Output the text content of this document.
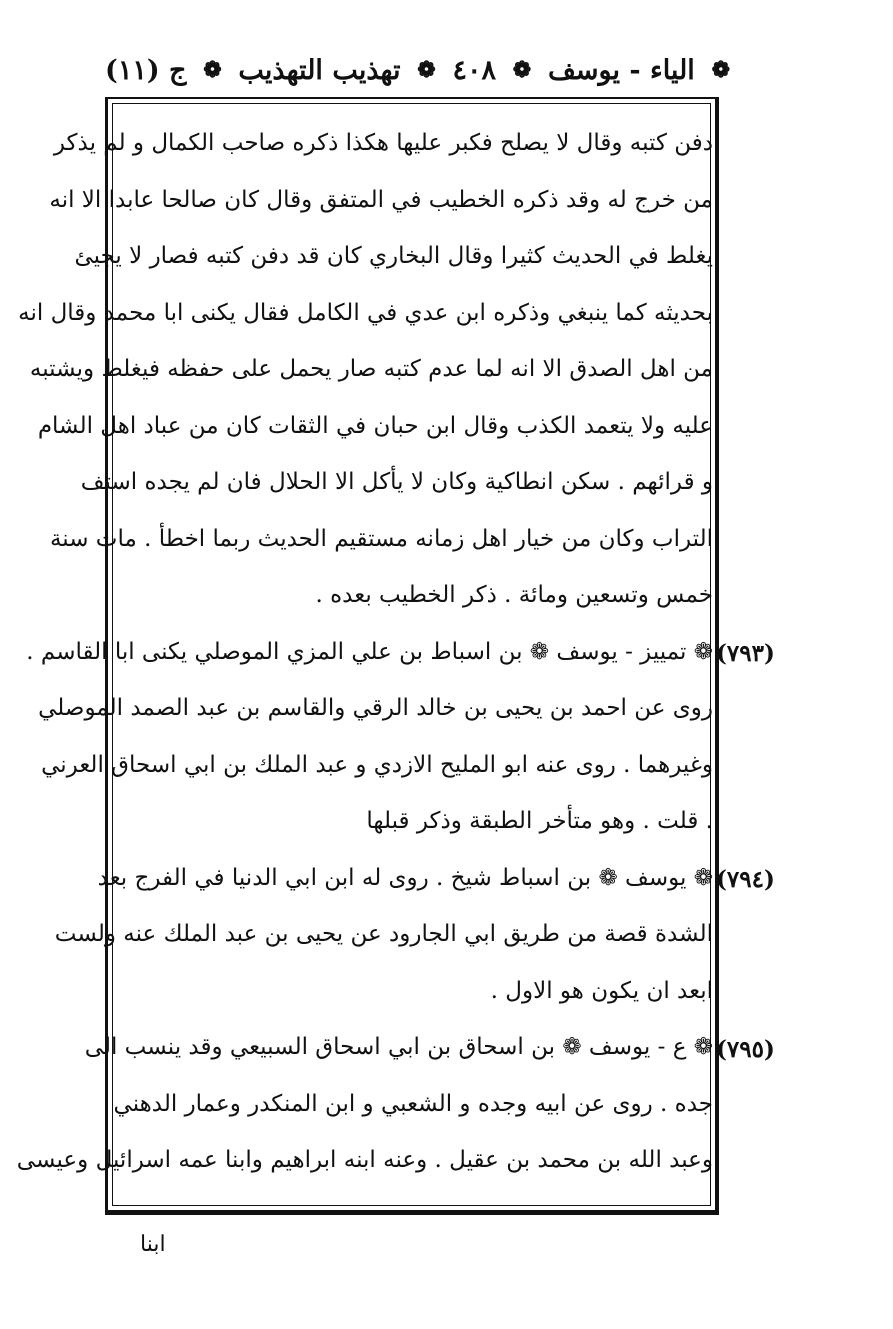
ج (١١) ❁ تهذيب التهذيب ❁ ٤٠٨ ❁ الياء - يوسف ❁
دفن كتبه وقال لا يصلح فكبر عليها هكذا ذكره صاحب الكمال و لم يذكر
من خرج له وقد ذكره الخطيب في المتفق وقال كان صالحا عابدا الا انه
يغلط في الحديث كثيرا وقال البخاري كان قد دفن كتبه فصار لا يجيئ
بحديثه كما ينبغي وذكره ابن عدي في الكامل فقال يكنى ابا محمد وقال انه
من اهل الصدق الا انه لما عدم كتبه صار يحمل على حفظه فيغلط ويشتبه
عليه ولا يتعمد الكذب وقال ابن حبان في الثقات كان من عباد اهل الشام
و قرائهم . سكن انطاكية وكان لا يأكل الا الحلال فان لم يجده استف
التراب وكان من خيار اهل زمانه مستقيم الحديث ربما اخطأ . مات سنة
خمس وتسعين ومائة . ذكر الخطيب بعده .
❁ تمييز - يوسف ❁ بن اسباط بن علي المزي الموصلي يكنى ابا القاسم .
روى عن احمد بن يحيى بن خالد الرقي والقاسم بن عبد الصمد الموصلي
وغيرهما . روى عنه ابو المليح الازدي و عبد الملك بن ابي اسحاق العرني
. قلت . وهو متأخر الطبقة وذكر قبلها
❁ يوسف ❁ بن اسباط شيخ . روى له ابن ابي الدنيا في الفرج بعد
الشدة قصة من طريق ابي الجارود عن يحيى بن عبد الملك عنه ولست
ابعد ان يكون هو الاول .
❁ ع - يوسف ❁ بن اسحاق بن ابي اسحاق السبيعي وقد ينسب الى
جده . روى عن ابيه وجده و الشعبي و ابن المنكدر وعمار الدهني
وعبد الله بن محمد بن عقيل . وعنه ابنه ابراهيم وابنا عمه اسرائيل وعيسى
(٧٩٣)
(٧٩٤)
(٧٩٥)
ابنا
